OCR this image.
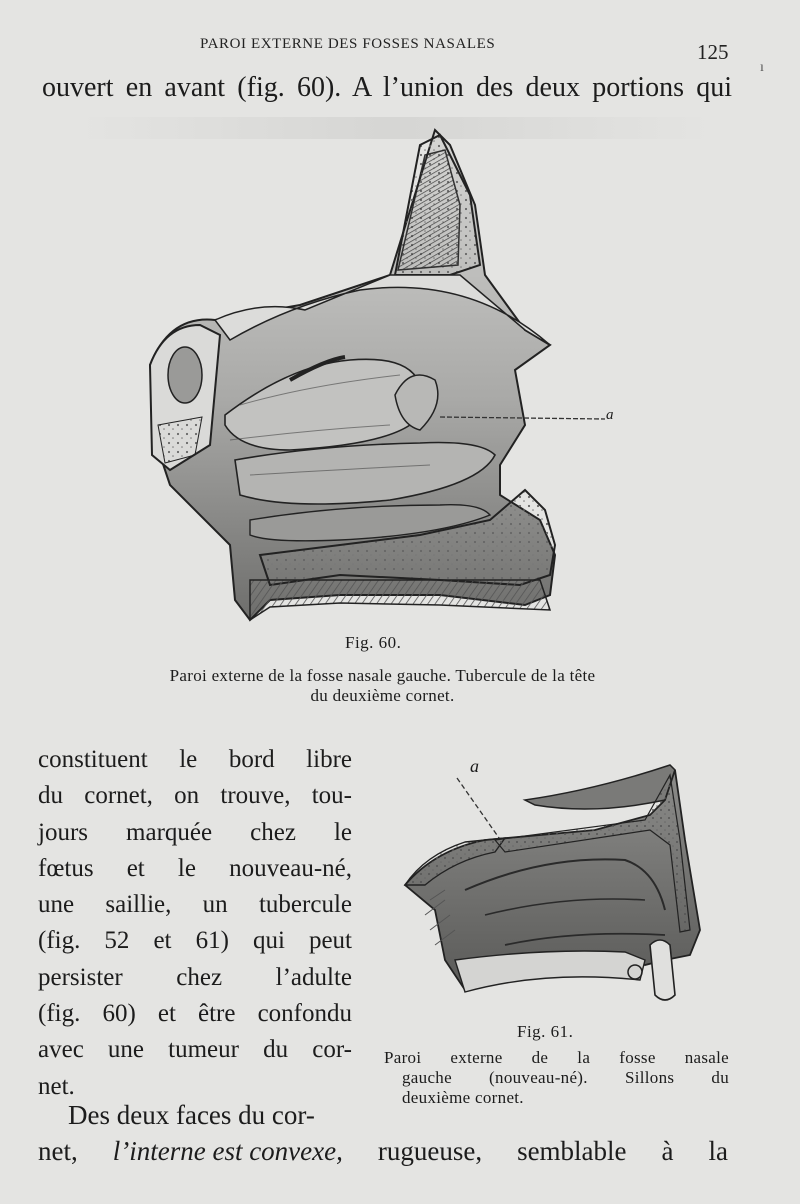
PAROI EXTERNE DES FOSSES NASALES	125
ı
ouvert en avant (fig. 60). A l’union des deux portions qui
a
Fig. 60.
Paroi externe de la fosse nasale gauche. Tubercule de la tête
du deuxième cornet.
constituent le bord libre
du cornet, on trouve, tou-
jours marquée chez le
fœtus et le nouveau-né,
une saillie, un tubercule
(fig. 52 et 61) qui peut
persister chez l’adulte
(fig. 60) et être confondu
avec une tumeur du cor-
net.
a
Fig. 61.
Paroi externe de la fosse nasale
gauche (nouveau-né). Sillons du
deuxième cornet.
Des deux faces du cor-
net, l’interne est convexe, rugueuse, semblable à la
